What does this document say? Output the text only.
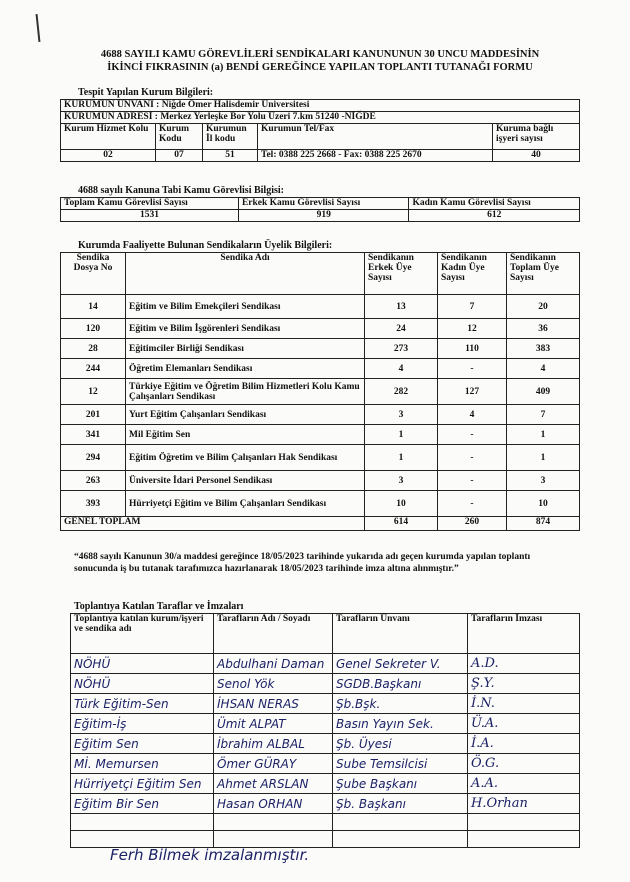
4688 SAYILI KAMU GÖREVLİLERİ SENDİKALARI KANUNUNUN 30 UNCU MADDESİNİN
İKİNCİ FIKRASININ (a) BENDİ GEREĞİNCE YAPILAN TOPLANTI TUTANAĞI FORMU
Tespit Yapılan Kurum Bilgileri:
KURUMUN ÜNVANI : Niğde Ömer Halisdemir Üniversitesi				
KURUMUN ADRESİ : Merkez Yerleşke Bor Yolu Üzeri 7.km 51240 -NİĞDE				
Kurum Hizmet Kolu	Kurum Kodu	Kurumun İl kodu	Kurumun Tel/Fax	Kuruma bağlı işyeri sayısı
02	07	51	Tel: 0388 225 2668 - Fax: 0388 225 2670	40
4688 sayılı Kanuna Tabi Kamu Görevlisi Bilgisi:
Toplam Kamu Görevlisi Sayısı	Erkek Kamu Görevlisi Sayısı	Kadın Kamu Görevlisi Sayısı
1531	919	612
Kurumda Faaliyette Bulunan Sendikaların Üyelik Bilgileri:
Sendika Dosya No	Sendika Adı	Sendikanın Erkek Üye Sayısı	Sendikanın Kadın Üye Sayısı	Sendikanın Toplam Üye Sayısı
14	Eğitim ve Bilim Emekçileri Sendikası	13	7	20
120	Eğitim ve Bilim İşgörenleri Sendikası	24	12	36
28	Eğitimciler Birliği Sendikası	273	110	383
244	Öğretim Elemanları Sendikası	4	-	4
12	Türkiye Eğitim ve Öğretim Bilim Hizmetleri Kolu Kamu Çalışanları Sendikası	282	127	409
201	Yurt Eğitim Çalışanları Sendikası	3	4	7
341	Mil Eğitim Sen	1	-	1
294	Eğitim Öğretim ve Bilim Çalışanları Hak Sendikası	1	-	1
263	Üniversite İdari Personel Sendikası	3	-	3
393	Hürriyetçi Eğitim ve Bilim Çalışanları Sendikası	10	-	10
GENEL TOPLAM		614	260	874
“4688 sayılı Kanunun 30/a maddesi gereğince 18/05/2023 tarihinde yukarıda adı geçen kurumda yapılan toplantı sonucunda iş bu tutanak tarafımızca hazırlanarak 18/05/2023 tarihinde imza altına alınmıştır.”
Toplantıya Katılan Taraflar ve İmzaları
Toplantıya katılan kurum/işyeri ve sendika adı	Tarafların Adı / Soyadı	Tarafların Ünvanı	Tarafların İmzası
NÖHÜ	Abdulhani Daman	Genel Sekreter V.	A.D.
NÖHÜ	Senol Yök	SGDB.Başkanı	Ş.Y.
Türk Eğitim-Sen	İHSAN NERAS	Şb.Bşk.	İ.N.
Eğitim-İş	Ümit ALPAT	Basın Yayın Sek.	Ü.A.
Eğitim Sen	İbrahim ALBAL	Şb. Üyesi	İ.A.
Mİ. Memursen	Ömer GÜRAY	Sube Temsilcisi	Ö.G.
Hürriyetçi Eğitim Sen	Ahmet ARSLAN	Şube Başkanı	A.A.
Eğitim Bir Sen	Hasan ORHAN	Şb. Başkanı	H.Orhan

Ferh Bilmek imzalanmıştır.
